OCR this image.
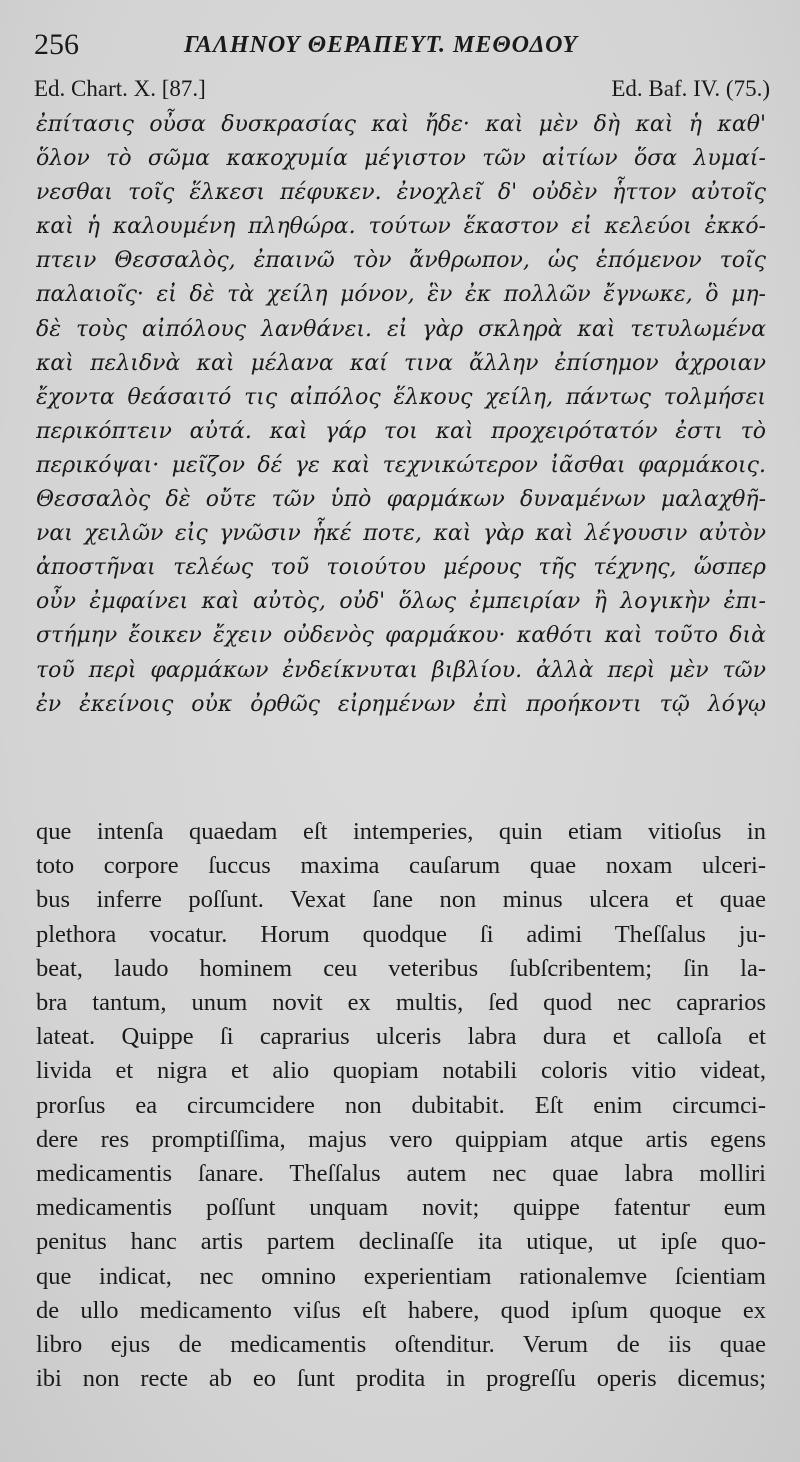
256	ΓΑΛΗΝΟΥ ΘΕΡΑΠΕΥΤ. ΜΕΘΟΔΟΥ
Ed. Chart. X. [87.]	Ed. Baf. IV. (75.)
ἐπίτασις οὖσα δυσκρασίας καὶ ἤδε· καὶ μὲν δὴ καὶ ἡ καθ'
ὅλον τὸ σῶμα κακοχυμία μέγιστον τῶν αἰτίων ὅσα λυμαί-
νεσθαι τοῖς ἕλκεσι πέφυκεν. ἐνοχλεῖ δ' οὐδὲν ἧττον αὐτοῖς
καὶ ἡ καλουμένη πληθώρα. τούτων ἕκαστον εἰ κελεύοι ἐκκό-
πτειν Θεσσαλὸς, ἐπαινῶ τὸν ἄνθρωπον, ὡς ἑπόμενον τοῖς
παλαιοῖς· εἰ δὲ τὰ χείλη μόνον, ἓν ἐκ πολλῶν ἔγνωκε, ὃ μη-
δὲ τοὺς αἰπόλους λανθάνει. εἰ γὰρ σκληρὰ καὶ τετυλωμένα
καὶ πελιδνὰ καὶ μέλανα καί τινα ἄλλην ἐπίσημον ἀχροιαν
ἔχοντα θεάσαιτό τις αἰπόλος ἕλκους χείλη, πάντως τολμήσει
περικόπτειν αὐτά. καὶ γάρ τοι καὶ προχειρότατόν ἐστι τὸ
περικόψαι· μεῖζον δέ γε καὶ τεχνικώτερον ἰᾶσθαι φαρμάκοις.
Θεσσαλὸς δὲ οὔτε τῶν ὑπὸ φαρμάκων δυναμένων μαλαχθῆ-
ναι χειλῶν εἰς γνῶσιν ἧκέ ποτε, καὶ γὰρ καὶ λέγουσιν αὐτὸν
ἀποστῆναι τελέως τοῦ τοιούτου μέρους τῆς τέχνης, ὥσπερ
οὖν ἐμφαίνει καὶ αὐτὸς, οὐδ' ὅλως ἐμπειρίαν ἢ λογικὴν ἐπι-
στήμην ἔοικεν ἔχειν οὐδενὸς φαρμάκου· καθότι καὶ τοῦτο διὰ
τοῦ περὶ φαρμάκων ἐνδείκνυται βιβλίου. ἀλλὰ περὶ μὲν τῶν
ἐν ἐκείνοις οὐκ ὀρθῶς εἰρημένων ἐπὶ προήκοντι τῷ λόγῳ
que intenſa quaedam eſt intemperies, quin etiam vitioſus in
toto corpore ſuccus maxima cauſarum quae noxam ulceri-
bus inferre poſſunt. Vexat ſane non minus ulcera et quae
plethora vocatur. Horum quodque ſi adimi Theſſalus ju-
beat, laudo hominem ceu veteribus ſubſcribentem; ſin la-
bra tantum, unum novit ex multis, ſed quod nec caprarios
lateat. Quippe ſi caprarius ulceris labra dura et calloſa et
livida et nigra et alio quopiam notabili coloris vitio videat,
prorſus ea circumcidere non dubitabit. Eſt enim circumci-
dere res promptiſſima, majus vero quippiam atque artis egens
medicamentis ſanare. Theſſalus autem nec quae labra molliri
medicamentis poſſunt unquam novit; quippe fatentur eum
penitus hanc artis partem declinaſſe ita utique, ut ipſe quo-
que indicat, nec omnino experientiam rationalemve ſcientiam
de ullo medicamento viſus eſt habere, quod ipſum quoque ex
libro ejus de medicamentis oſtenditur. Verum de iis quae
ibi non recte ab eo ſunt prodita in progreſſu operis dicemus;
